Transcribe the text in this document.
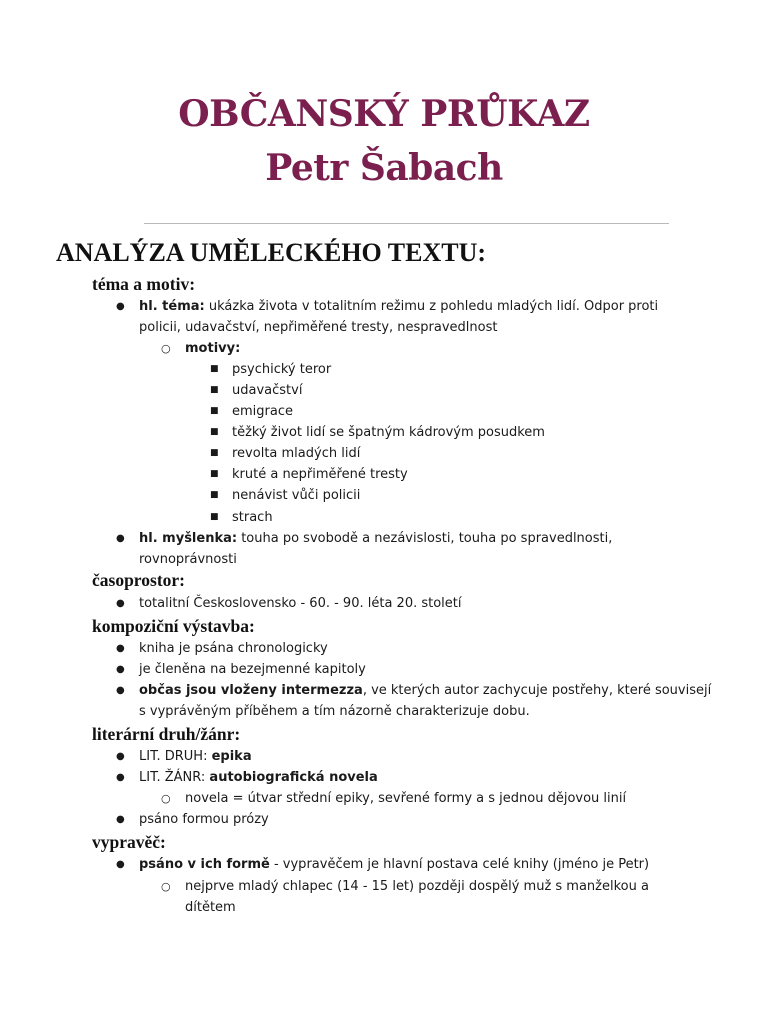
OBČANSKÝ PRŮKAZ
Petr Šabach
ANALÝZA UMĚLECKÉHO TEXTU:
téma a motiv:
● hl. téma: ukázka života v totalitním režimu z pohledu mladých lidí. Odpor proti
policii, udavačství, nepřiměřené tresty, nespravedlnost
○ motivy:
■ psychický teror
■ udavačství
■ emigrace
■ těžký život lidí se špatným kádrovým posudkem
■ revolta mladých lidí
■ kruté a nepřiměřené tresty
■ nenávist vůči policii
■ strach
● hl. myšlenka: touha po svobodě a nezávislosti, touha po spravedlnosti,
rovnoprávnosti
časoprostor:
● totalitní Československo - 60. - 90. léta 20. století
kompoziční výstavba:
● kniha je psána chronologicky
● je členěna na bezejmenné kapitoly
● občas jsou vloženy intermezza, ve kterých autor zachycuje postřehy, které souvisejí
s vyprávěným příběhem a tím názorně charakterizuje dobu.
literární druh/žánr:
● LIT. DRUH: epika
● LIT. ŽÁNR: autobiografická novela
○ novela = útvar střední epiky, sevřené formy a s jednou dějovou linií
● psáno formou prózy
vypravěč:
● psáno v ich formě - vypravěčem je hlavní postava celé knihy (jméno je Petr)
○ nejprve mladý chlapec (14 - 15 let) později dospělý muž s manželkou a
dítětem
